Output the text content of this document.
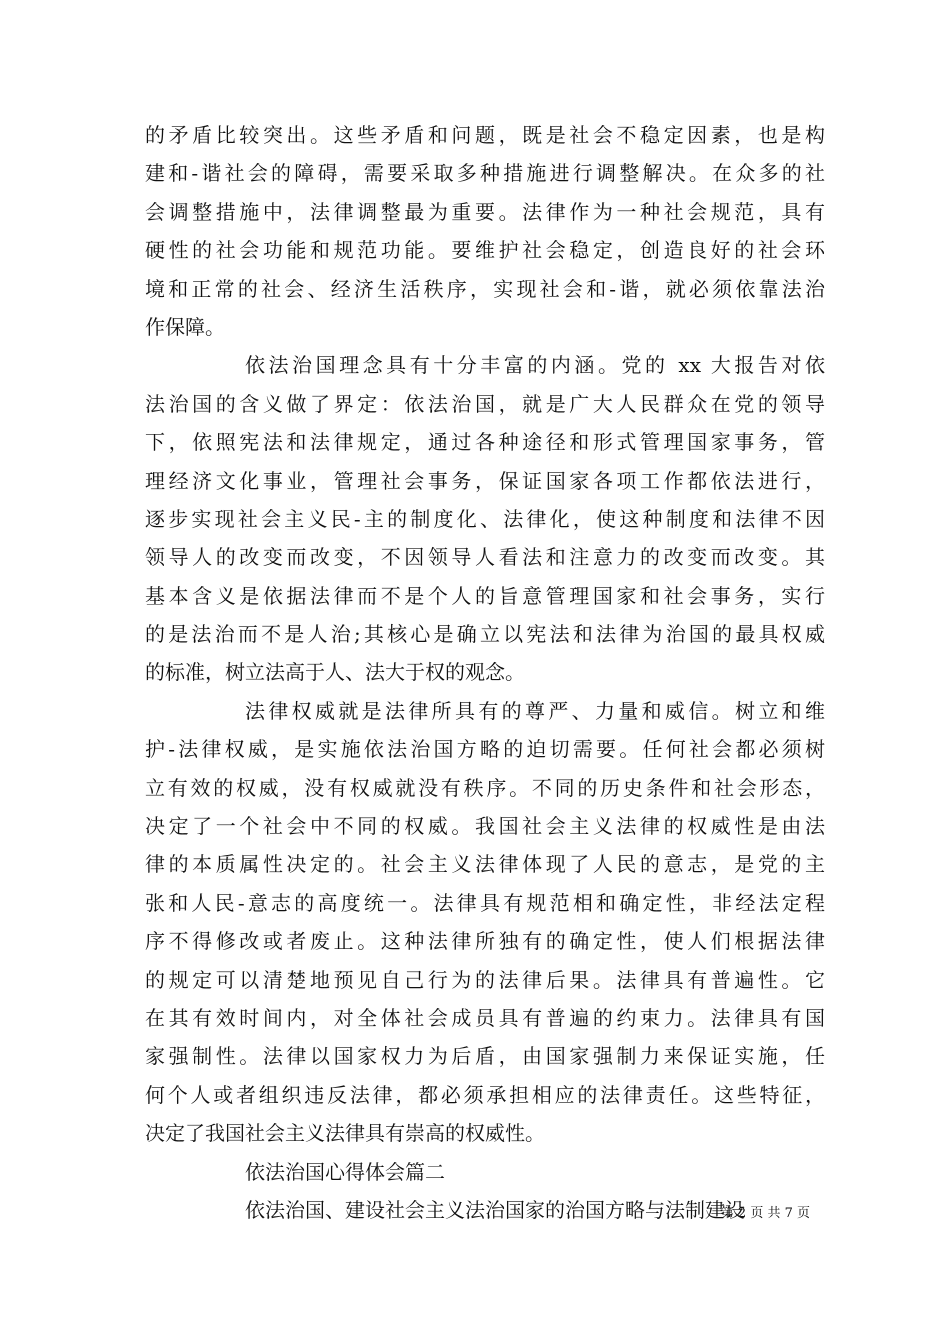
的矛盾比较突出。这些矛盾和问题，既是社会不稳定因素，也是构
建和-谐社会的障碍，需要采取多种措施进行调整解决。在众多的社
会调整措施中，法律调整最为重要。法律作为一种社会规范，具有
硬性的社会功能和规范功能。要维护社会稳定，创造良好的社会环
境和正常的社会、经济生活秩序，实现社会和-谐，就必须依靠法治
作保障。
依法治国理念具有十分丰富的内涵。党的 xx 大报告对依
法治国的含义做了界定：依法治国，就是广大人民群众在党的领导
下，依照宪法和法律规定，通过各种途径和形式管理国家事务，管
理经济文化事业，管理社会事务，保证国家各项工作都依法进行，
逐步实现社会主义民-主的制度化、法律化，使这种制度和法律不因
领导人的改变而改变，不因领导人看法和注意力的改变而改变。其
基本含义是依据法律而不是个人的旨意管理国家和社会事务，实行
的是法治而不是人治;其核心是确立以宪法和法律为治国的最具权威
的标准，树立法高于人、法大于权的观念。
法律权威就是法律所具有的尊严、力量和威信。树立和维
护-法律权威，是实施依法治国方略的迫切需要。任何社会都必须树
立有效的权威，没有权威就没有秩序。不同的历史条件和社会形态，
决定了一个社会中不同的权威。我国社会主义法律的权威性是由法
律的本质属性决定的。社会主义法律体现了人民的意志，是党的主
张和人民-意志的高度统一。法律具有规范相和确定性，非经法定程
序不得修改或者废止。这种法律所独有的确定性，使人们根据法律
的规定可以清楚地预见自己行为的法律后果。法律具有普遍性。它
在其有效时间内，对全体社会成员具有普遍的约束力。法律具有国
家强制性。法律以国家权力为后盾，由国家强制力来保证实施，任
何个人或者组织违反法律，都必须承担相应的法律责任。这些特征，
决定了我国社会主义法律具有崇高的权威性。
依法治国心得体会篇二
依法治国、建设社会主义法治国家的治国方略与法制建设
第 2 页 共 7 页
